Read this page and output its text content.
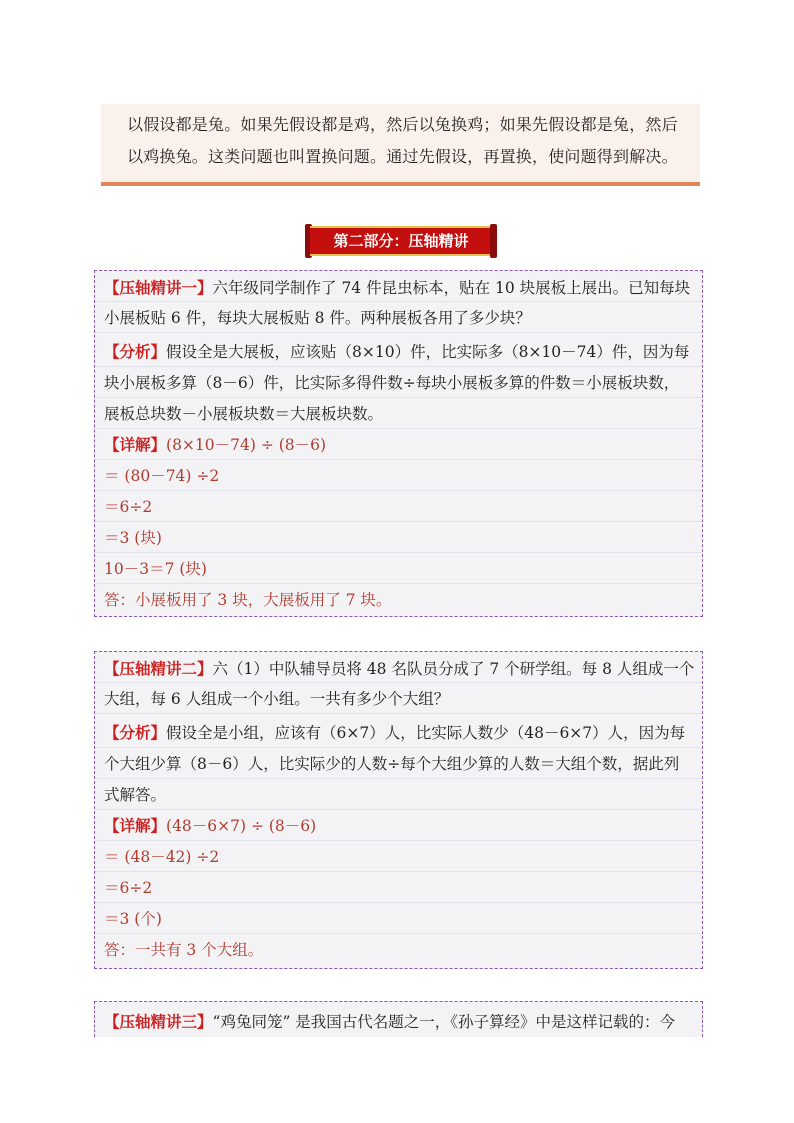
以假设都是兔。如果先假设都是鸡，然后以兔换鸡；如果先假设都是兔，然后
以鸡换兔。这类问题也叫置换问题。通过先假设，再置换，使问题得到解决。
第二部分：压轴精讲
【压轴精讲一】六年级同学制作了 74 件昆虫标本，贴在 10 块展板上展出。已知每块
小展板贴 6 件，每块大展板贴 8 件。两种展板各用了多少块？
【分析】假设全是大展板，应该贴（8×10）件，比实际多（8×10－74）件，因为每
块小展板多算（8－6）件，比实际多得件数÷每块小展板多算的件数＝小展板块数，
展板总块数－小展板块数＝大展板块数。
【详解】(8×10－74) ÷ (8－6)
＝ (80－74) ÷2
＝6÷2
＝3 (块)
10－3＝7 (块)
答：小展板用了 3 块，大展板用了 7 块。
【压轴精讲二】六（1）中队辅导员将 48 名队员分成了 7 个研学组。每 8 人组成一个
大组，每 6 人组成一个小组。一共有多少个大组？
【分析】假设全是小组，应该有（6×7）人，比实际人数少（48－6×7）人，因为每
个大组少算（8－6）人，比实际少的人数÷每个大组少算的人数＝大组个数，据此列
式解答。
【详解】(48－6×7) ÷ (8－6)
＝ (48－42) ÷2
＝6÷2
＝3 (个)
答：一共有 3 个大组。
【压轴精讲三】“鸡兔同笼” 是我国古代名题之一，《孙子算经》中是这样记载的：今
